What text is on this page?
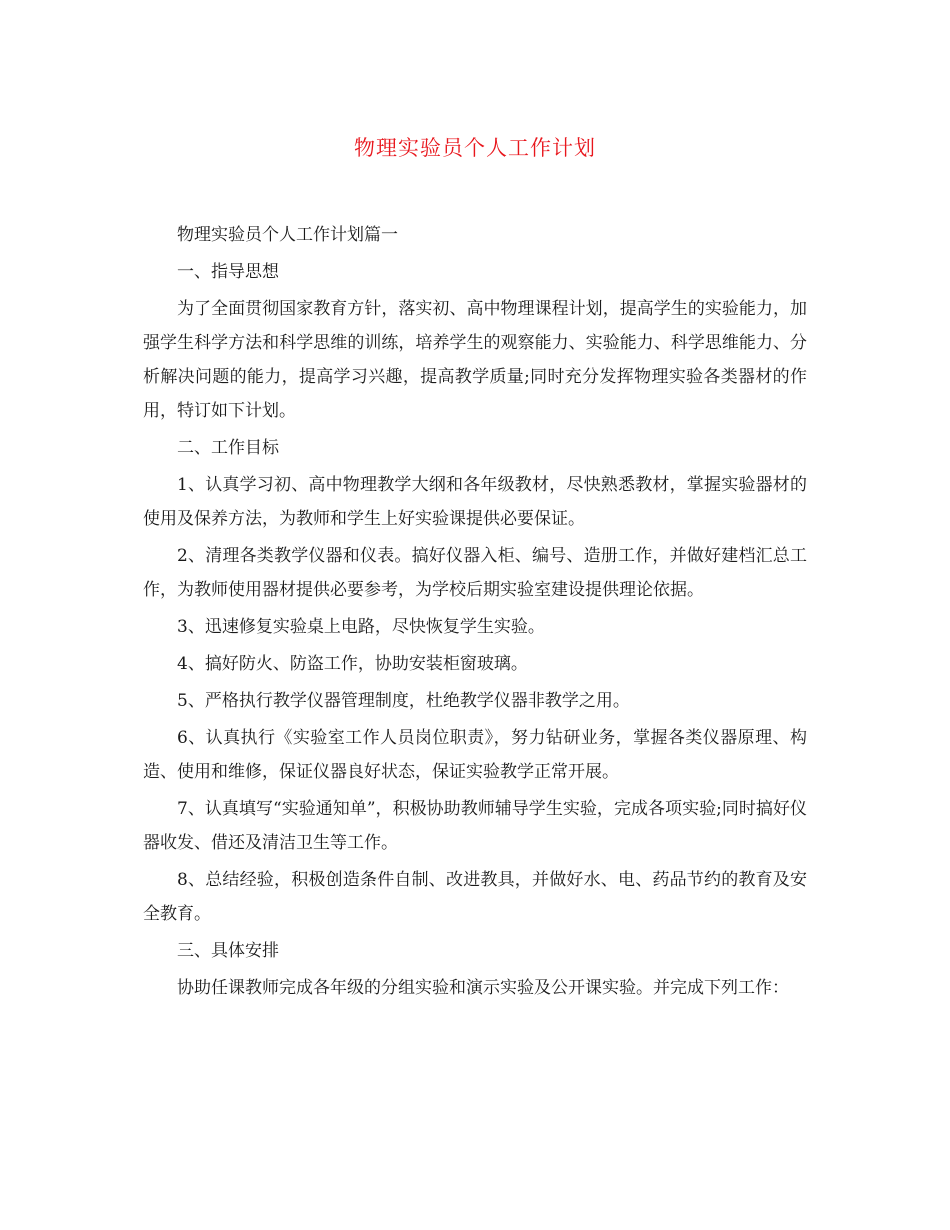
物理实验员个人工作计划

物理实验员个人工作计划篇一

一、指导思想

为了全面贯彻国家教育方针，落实初、高中物理课程计划，提高学生的实验能力，加强学生科学方法和科学思维的训练，培养学生的观察能力、实验能力、科学思维能力、分析解决问题的能力，提高学习兴趣，提高教学质量;同时充分发挥物理实验各类器材的作用，特订如下计划。

二、工作目标

1、认真学习初、高中物理教学大纲和各年级教材，尽快熟悉教材，掌握实验器材的使用及保养方法，为教师和学生上好实验课提供必要保证。

2、清理各类教学仪器和仪表。搞好仪器入柜、编号、造册工作，并做好建档汇总工作，为教师使用器材提供必要参考，为学校后期实验室建设提供理论依据。

3、迅速修复实验桌上电路，尽快恢复学生实验。

4、搞好防火、防盗工作，协助安装柜窗玻璃。

5、严格执行教学仪器管理制度，杜绝教学仪器非教学之用。

6、认真执行《实验室工作人员岗位职责》，努力钻研业务，掌握各类仪器原理、构造、使用和维修，保证仪器良好状态，保证实验教学正常开展。

7、认真填写“实验通知单”，积极协助教师辅导学生实验，完成各项实验;同时搞好仪器收发、借还及清洁卫生等工作。

8、总结经验，积极创造条件自制、改进教具，并做好水、电、药品节约的教育及安全教育。

三、具体安排

协助任课教师完成各年级的分组实验和演示实验及公开课实验。并完成下列工作：
